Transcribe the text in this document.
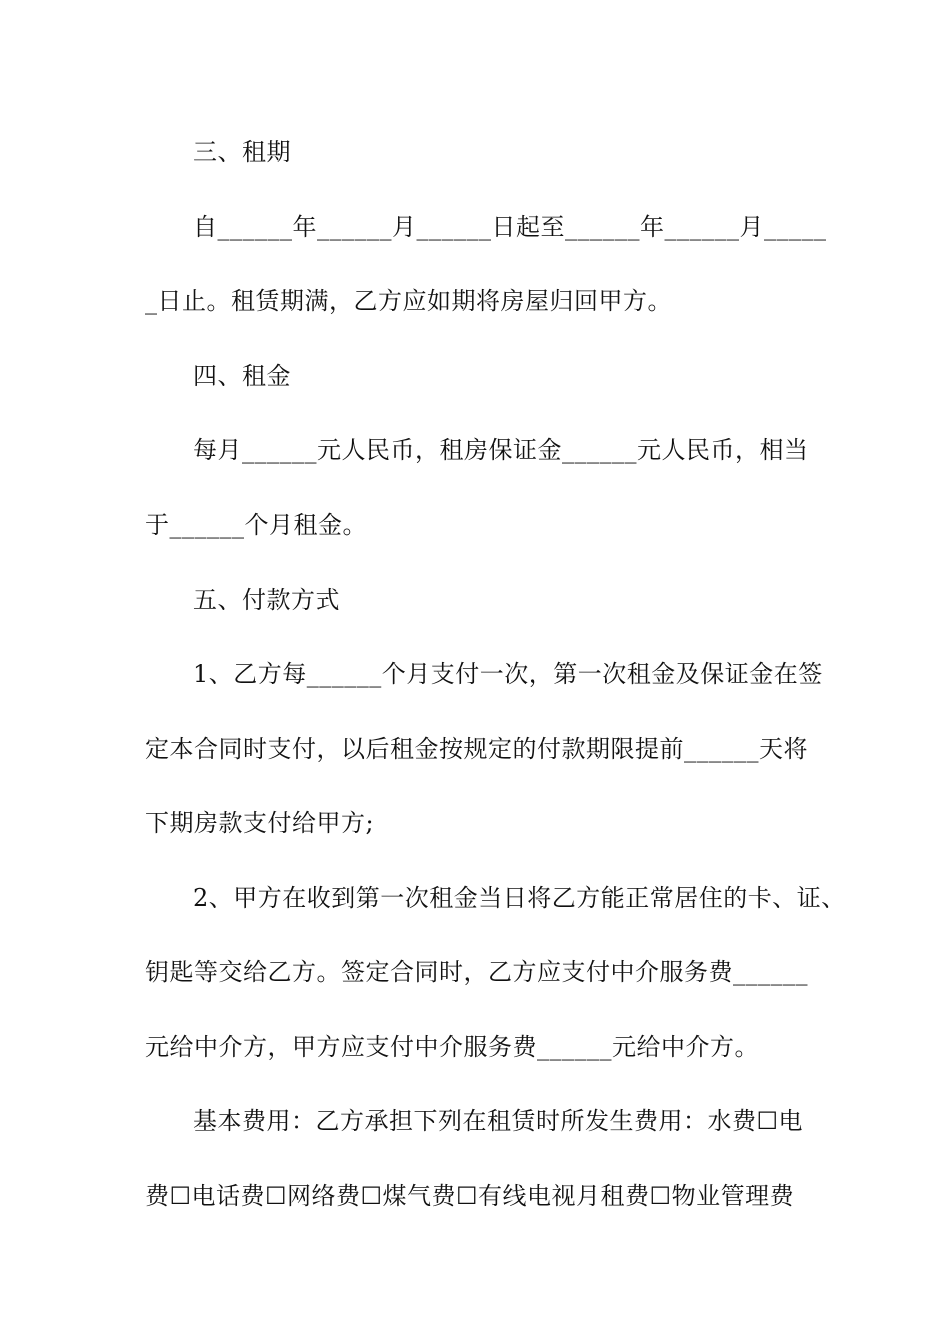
三、租期
自______年______月______日起至______年______月_____
_日止。租赁期满，乙方应如期将房屋归回甲方。
四、租金
每月______元人民币，租房保证金______元人民币，相当
于______个月租金。
五、付款方式
1、乙方每______个月支付一次，第一次租金及保证金在签
定本合同时支付，以后租金按规定的付款期限提前______天将
下期房款支付给甲方;
2、甲方在收到第一次租金当日将乙方能正常居住的卡、证、
钥匙等交给乙方。签定合同时，乙方应支付中介服务费______
元给中介方，甲方应支付中介服务费______元给中介方。
基本费用：乙方承担下列在租赁时所发生费用：水费☐电
费☐电话费☐网络费☐煤气费☐有线电视月租费☐物业管理费
